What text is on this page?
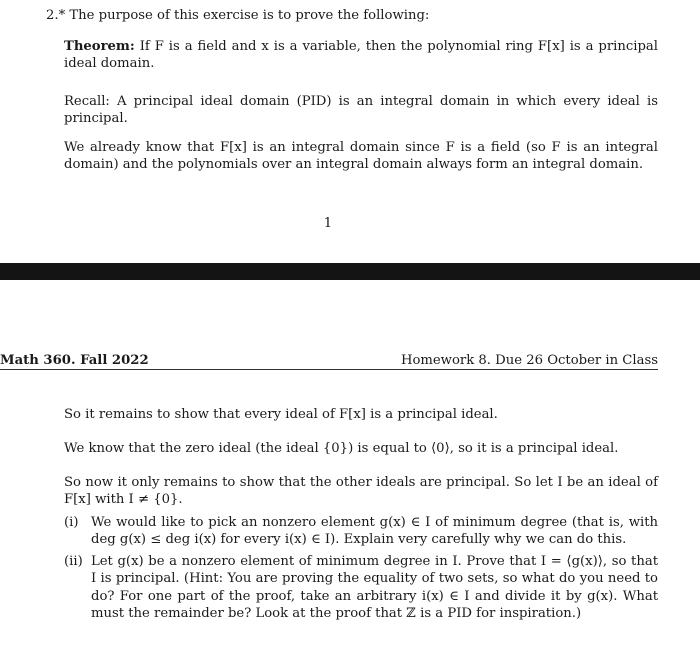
2.* The purpose of this exercise is to prove the following:
Theorem: If F is a field and x is a variable, then the polynomial ring F[x] is a principal ideal domain.
Recall: A principal ideal domain (PID) is an integral domain in which every ideal is principal.
We already know that F[x] is an integral domain since F is a field (so F is an integral domain) and the polynomials over an integral domain always form an integral domain.
1
Math 360. Fall 2022	Homework 8. Due 26 October in Class
So it remains to show that every ideal of F[x] is a principal ideal.
We know that the zero ideal (the ideal {0}) is equal to ⟨0⟩, so it is a principal ideal.
So now it only remains to show that the other ideals are principal. So let I be an ideal of F[x] with I ≠ {0}.
(i) We would like to pick an nonzero element g(x) ∈ I of minimum degree (that is, with deg g(x) ≤ deg i(x) for every i(x) ∈ I). Explain very carefully why we can do this.
(ii) Let g(x) be a nonzero element of minimum degree in I. Prove that I = ⟨g(x)⟩, so that I is principal. (Hint: You are proving the equality of two sets, so what do you need to do? For one part of the proof, take an arbitrary i(x) ∈ I and divide it by g(x). What must the remainder be? Look at the proof that ℤ is a PID for inspiration.)
